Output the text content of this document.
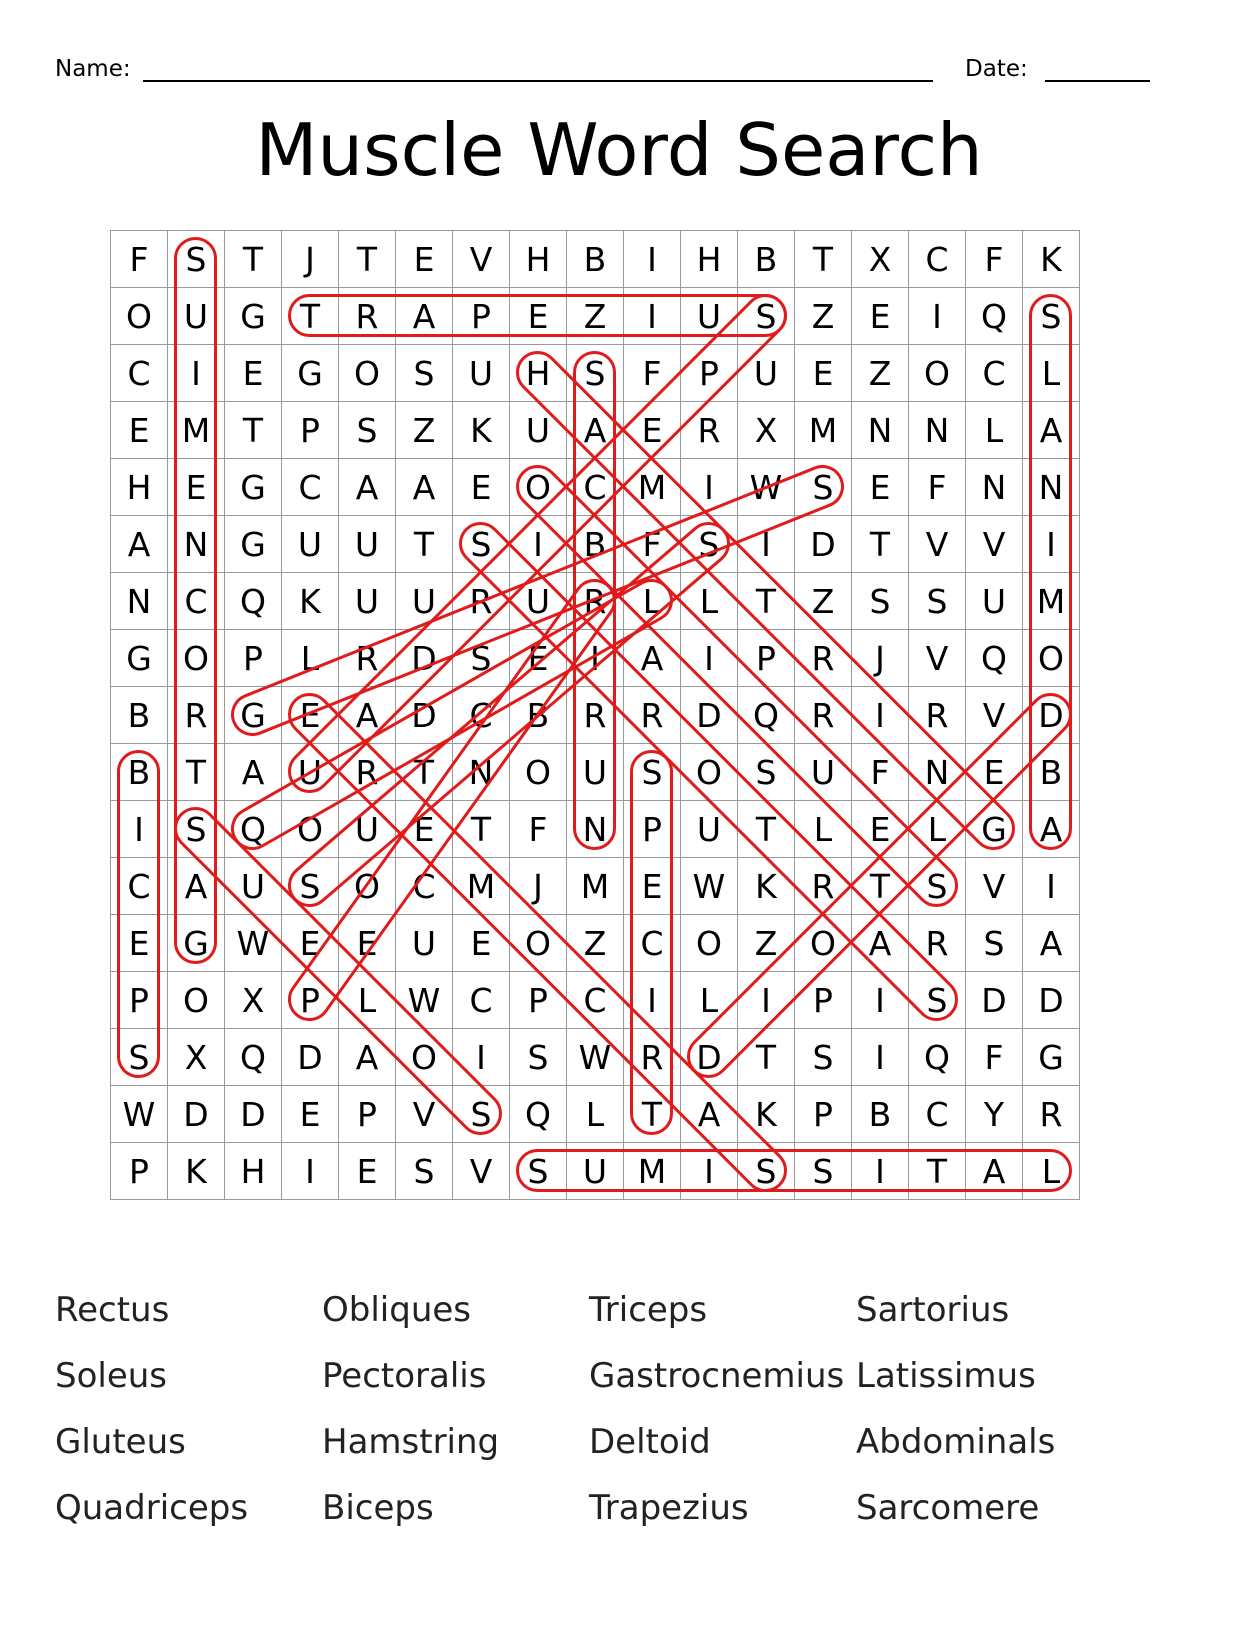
Name:	Date:
Muscle Word Search
F	S	T	J	T	E	V	H	B	I	H	B	T	X	C	F	K
O	U	G	T	R	A	P	E	Z	I	U	S	Z	E	I	Q	S
C	I	E	G	O	S	U	H	S	F	P	U	E	Z	O	C	L
E	M	T	P	S	Z	K	U	A	E	R	X	M	N	N	L	A
H	E	G	C	A	A	E	O	C	M	I	W	S	E	F	N	N
A	N	G	U	U	T	S	I	B	F	S	I	D	T	V	V	I
N	C	Q	K	U	U	R	U	R	L	L	T	Z	S	S	U	M
G	O	P	L	R	D	S	E	I	A	I	P	R	J	V	Q	O
B	R	G	E	A	D	C	B	R	R	D	Q	R	I	R	V	D
B	T	A	U	R	T	N	O	U	S	O	S	U	F	N	E	B
I	S	Q	O	U	E	T	F	N	P	U	T	L	E	L	G	A
C	A	U	S	O	C	M	J	M	E	W	K	R	T	S	V	I
E	G	W	E	E	U	E	O	Z	C	O	Z	O	A	R	S	A
P	O	X	P	L	W	C	P	C	I	L	I	P	I	S	D	D
S	X	Q	D	A	O	I	S	W	R	D	T	S	I	Q	F	G
W	D	D	E	P	V	S	Q	L	T	A	K	P	B	C	Y	R
P	K	H	I	E	S	V	S	U	M	I	S	S	I	T	A	L
Rectus	Obliques	Triceps	Sartorius
Soleus	Pectoralis	Gastrocnemius Latissimus
Gluteus	Hamstring	Deltoid	Abdominals
Quadriceps	Biceps	Trapezius	Sarcomere
